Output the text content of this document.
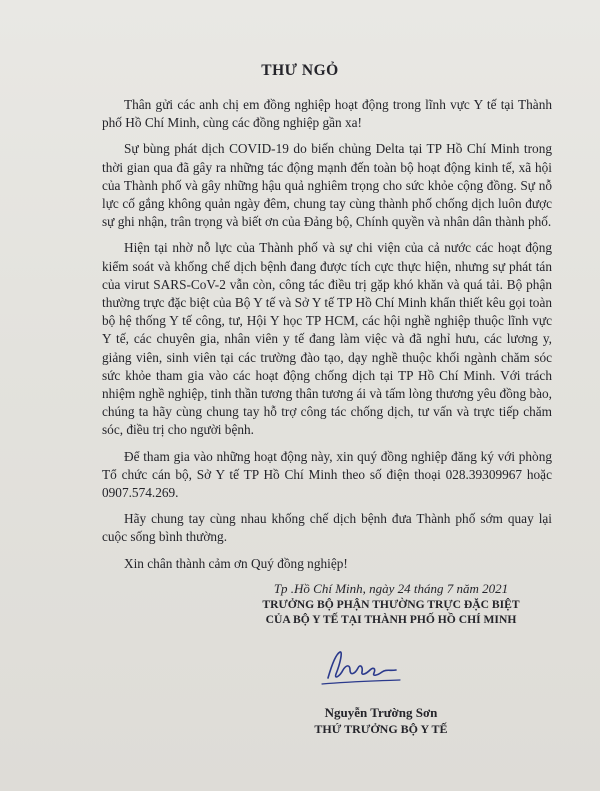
THƯ NGỎ

Thân gửi các anh chị em đồng nghiệp hoạt động trong lĩnh vực Y tế tại Thành phố Hồ Chí Minh, cùng các đồng nghiệp gần xa!

Sự bùng phát dịch COVID-19 do biến chủng Delta tại TP Hồ Chí Minh trong thời gian qua đã gây ra những tác động mạnh đến toàn bộ hoạt động kinh tế, xã hội của Thành phố và gây những hậu quả nghiêm trọng cho sức khỏe cộng đồng. Sự nỗ lực cố gắng không quản ngày đêm, chung tay cùng thành phố chống dịch luôn được sự ghi nhận, trân trọng và biết ơn của Đảng bộ, Chính quyền và nhân dân thành phố.

Hiện tại nhờ nỗ lực của Thành phố và sự chi viện của cả nước các hoạt động kiểm soát và khống chế dịch bệnh đang được tích cực thực hiện, nhưng sự phát tán của virut SARS-CoV-2 vẫn còn, công tác điều trị gặp khó khăn và quá tải. Bộ phận thường trực đặc biệt của Bộ Y tế và Sở Y tế TP Hồ Chí Minh khẩn thiết kêu gọi toàn bộ hệ thống Y tế công, tư, Hội Y học TP HCM, các hội nghề nghiệp thuộc lĩnh vực Y tế, các chuyên gia, nhân viên y tế đang làm việc và đã nghỉ hưu, các lương y, giảng viên, sinh viên tại các trường đào tạo, dạy nghề thuộc khối ngành chăm sóc sức khỏe tham gia vào các hoạt động chống dịch tại TP Hồ Chí Minh. Với trách nhiệm nghề nghiệp, tinh thần tương thân tương ái và tấm lòng thương yêu đồng bào, chúng ta hãy cùng chung tay hỗ trợ công tác chống dịch, tư vấn và trực tiếp chăm sóc, điều trị cho người bệnh.

Để tham gia vào những hoạt động này, xin quý đồng nghiệp đăng ký với phòng Tổ chức cán bộ, Sở Y tế TP Hồ Chí Minh theo số điện thoại 028.39309967 hoặc 0907.574.269.

Hãy chung tay cùng nhau khống chế dịch bệnh đưa Thành phố sớm quay lại cuộc sống bình thường.

Xin chân thành cảm ơn Quý đồng nghiệp!

Tp .Hồ Chí Minh, ngày 24 tháng 7 năm 2021
TRƯỞNG BỘ PHẬN THƯỜNG TRỰC ĐẶC BIỆT
CỦA BỘ Y TẾ TẠI THÀNH PHỐ HỒ CHÍ MINH
Nguyễn Trường Sơn
THỨ TRƯỞNG BỘ Y TẾ
